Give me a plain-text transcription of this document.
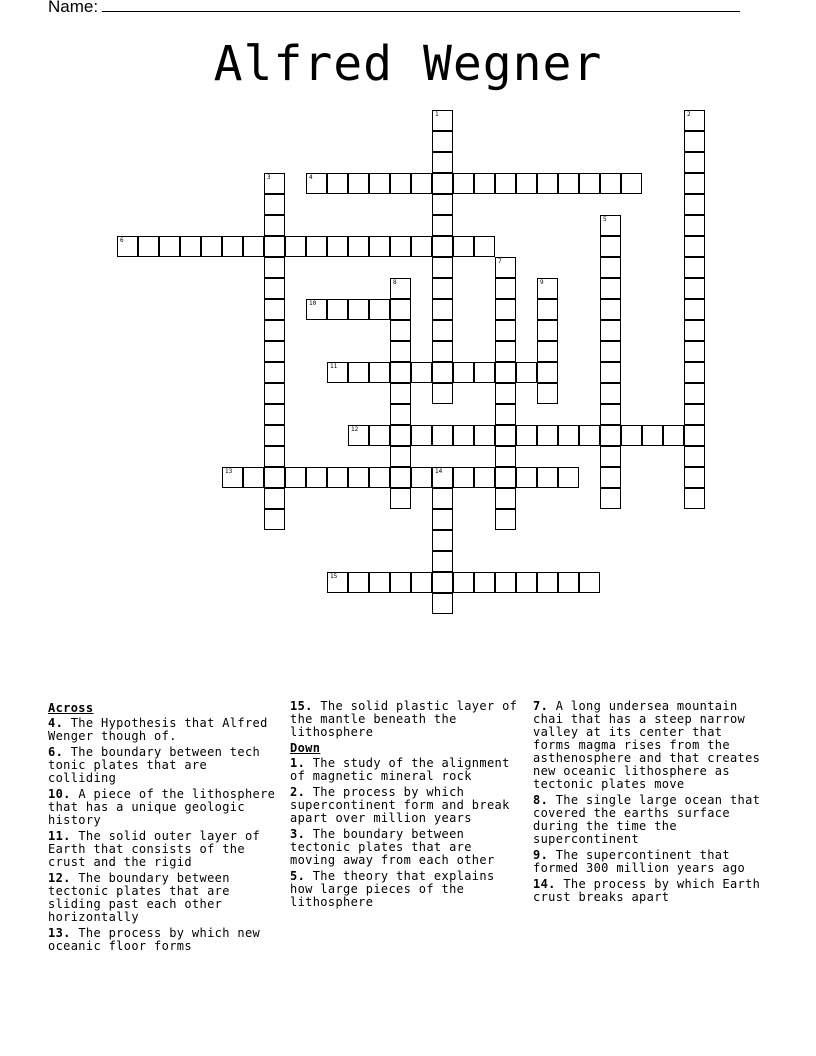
Name:
Alfred Wegner
1	2
3	4
5
6
7
8	9
10
11
12
13	14
15
Across
4. The Hypothesis that Alfred Wenger though of.
6. The boundary between tech tonic plates that are colliding
10. A piece of the lithosphere that has a unique geologic history
11. The solid outer layer of Earth that consists of the crust and the rigid
12. The boundary between tectonic plates that are sliding past each other horizontally
13. The process by which new oceanic floor forms
15. The solid plastic layer of the mantle beneath the lithosphere
Down
1. The study of the alignment of magnetic mineral rock
2. The process by which supercontinent form and break apart over million years
3. The boundary between tectonic plates that are moving away from each other
5. The theory that explains how large pieces of the lithosphere
7. A long undersea mountain chai that has a steep narrow valley at its center that forms magma rises from the asthenosphere and that creates new oceanic lithosphere as tectonic plates move
8. The single large ocean that covered the earths surface during the time the supercontinent
9. The supercontinent that formed 300 million years ago
14. The process by which Earth crust breaks apart
